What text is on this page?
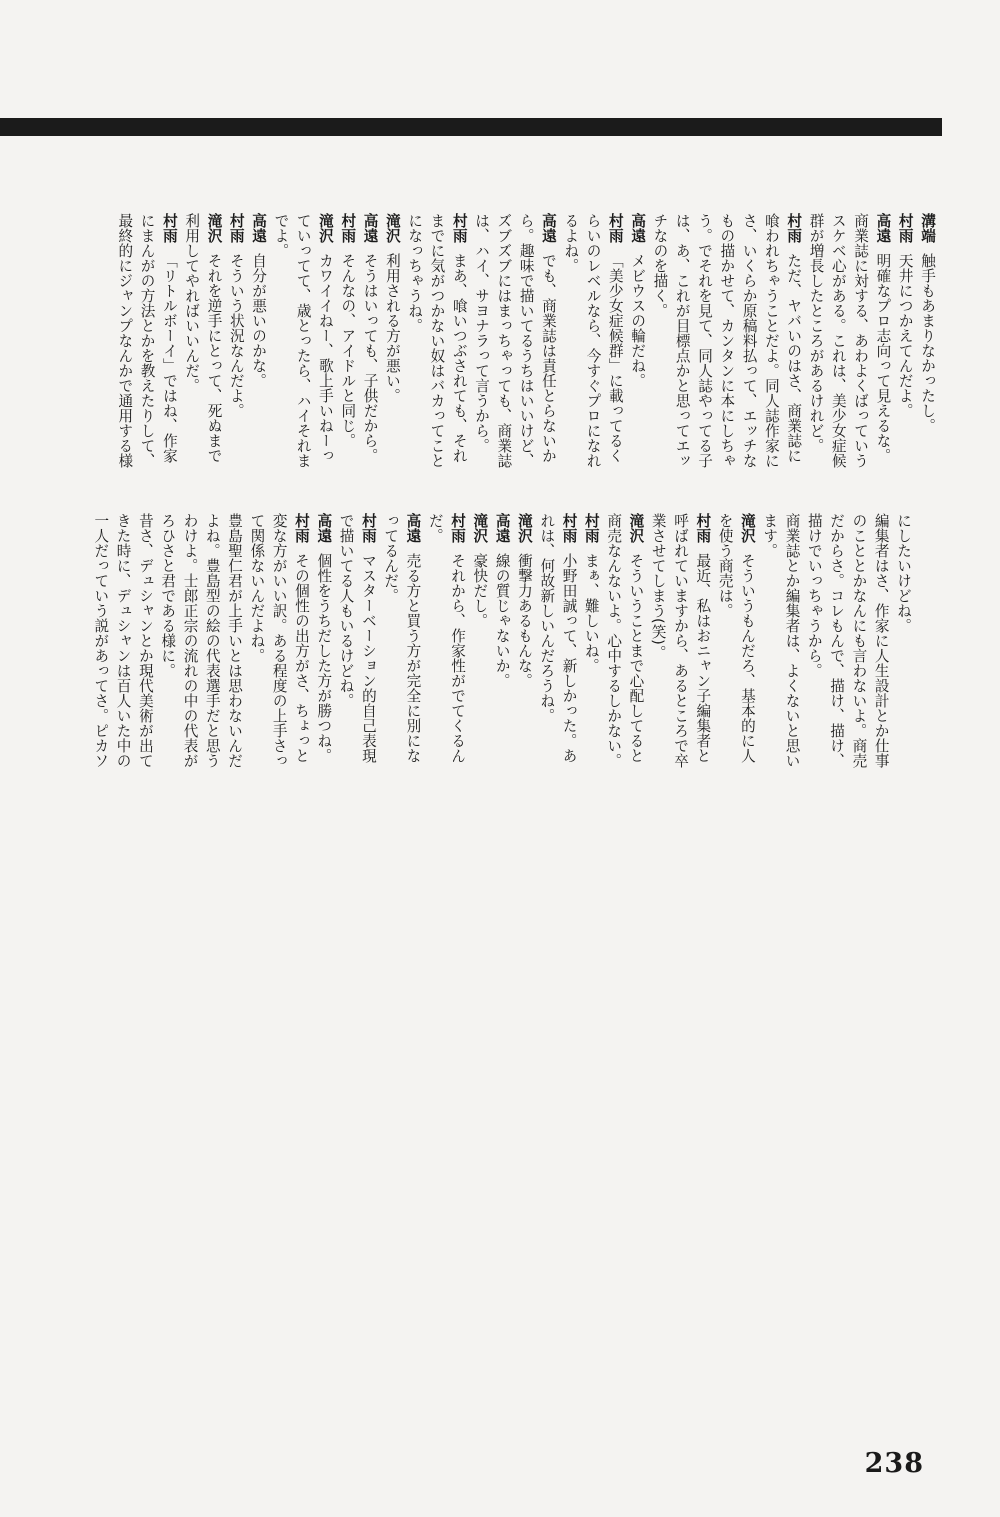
溝端触手もあまりなかったし。
村雨天井につかえてんだよ。
高遠明確なプロ志向って見えるな。
商業誌に対する、あわよくばっていう
スケベ心がある。これは、美少女症候
群が増長したところがあるけれど。
村雨ただ、ヤバいのはさ、商業誌に
喰われちゃうことだよ。同人誌作家に
さ、いくらか原稿料払って、エッチな
もの描かせて、カンタンに本にしちゃ
う。でそれを見て、同人誌やってる子
は、あ、これが目標点かと思ってエッ
チなのを描く。
高遠メビウスの輪だね。
村雨「美少女症候群」に載ってるく
らいのレベルなら、今すぐプロになれ
るよね。
高遠でも、商業誌は責任とらないか
ら。趣味で描いてるうちはいいけど、
ズブズブにはまっちゃっても、商業誌
は、ハイ、サヨナラって言うから。
村雨まあ、喰いつぶされても、それ
までに気がつかない奴はバカってこと
になっちゃうね。
滝沢利用される方が悪い。
高遠そうはいっても、子供だから。
村雨そんなの、アイドルと同じ。
滝沢カワイイねー、歌上手いねーっ
ていってて、歳とったら、ハイそれま
でよ。
高遠自分が悪いのかな。
村雨そういう状況なんだよ。
滝沢それを逆手にとって、死ぬまで
利用してやればいいんだ。
村雨「リトルボーイ」ではね、作家
にまんがの方法とかを教えたりして、
最終的にジャンプなんかで通用する様
にしたいけどね。
編集者はさ、作家に人生設計とか仕事
のこととかなんにも言わないよ。商売
だからさ。コレもんで、描け、描け、
描けでいっちゃうから。
商業誌とか編集者は、よくないと思い
ます。
滝沢そういうもんだろ、基本的に人
を使う商売は。
村雨最近、私はおニャン子編集者と
呼ばれていますから、あるところで卒
業させてしまう(笑)。
滝沢そういうことまで心配してると
商売なんないよ。心中するしかない。
村雨まぁ、難しいね。
村雨小野田誠って、新しかった。あ
れは、何故新しいんだろうね。
滝沢衝撃力あるもんな。
高遠線の質じゃないか。
滝沢豪快だし。
村雨それから、作家性がでてくるん
だ。
高遠売る方と買う方が完全に別にな
ってるんだ。
村雨マスターベーション的自己表現
で描いてる人もいるけどね。
高遠個性をうちだした方が勝つね。
村雨その個性の出方がさ、ちょっと
変な方がいい訳。ある程度の上手さっ
て関係ないんだよね。
豊島聖仁君が上手いとは思わないんだ
よね。豊島型の絵の代表選手だと思う
わけよ。士郎正宗の流れの中の代表が
ろひさと君である様に。
昔さ、デュシャンとか現代美術が出て
きた時に、デュシャンは百人いた中の
一人だっていう説があってさ。ピカソ
238
